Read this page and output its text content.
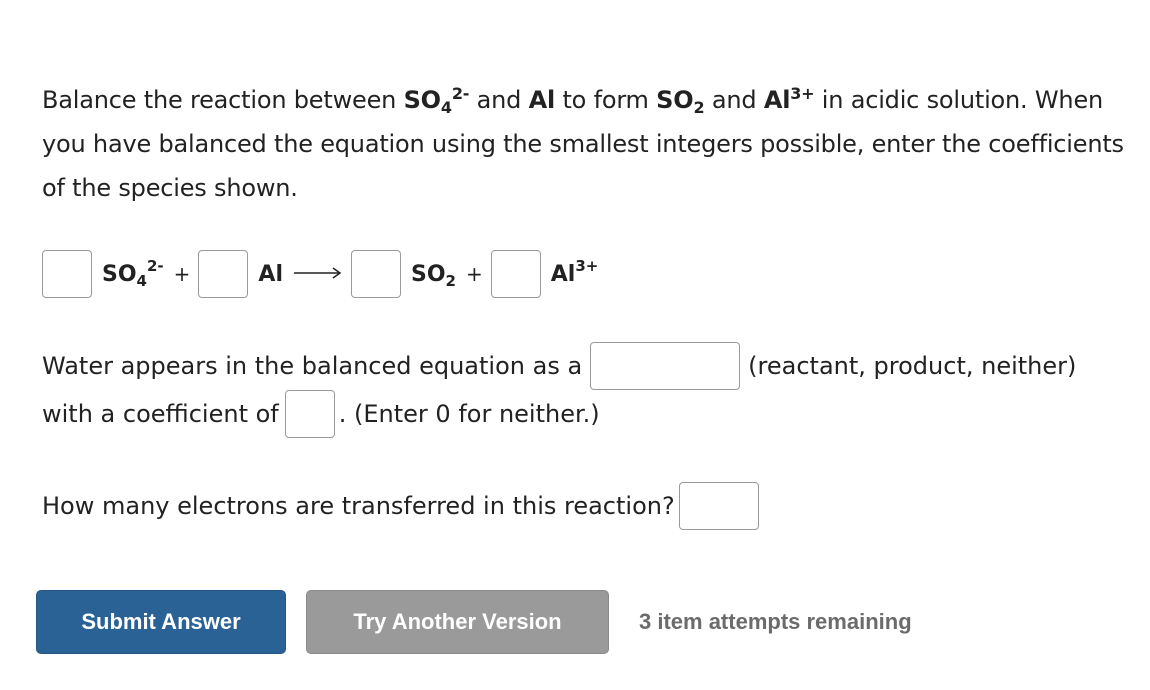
Balance the reaction between $SO_4^{2-}$ and Al to form $SO_2$ and $Al^{3+}$ in acidic solution. When you have balanced the equation using the smallest integers possible, enter the coefficients of the species shown.
$SO_4^{2-}$ +	Al →	$SO_2$ +	$Al^{3+}$
Water appears in the balanced equation as a	(reactant, product, neither)
with a coefficient of	. (Enter 0 for neither.)
How many electrons are transferred in this reaction?
Submit Answer	Try Another Version	3 item attempts remaining
